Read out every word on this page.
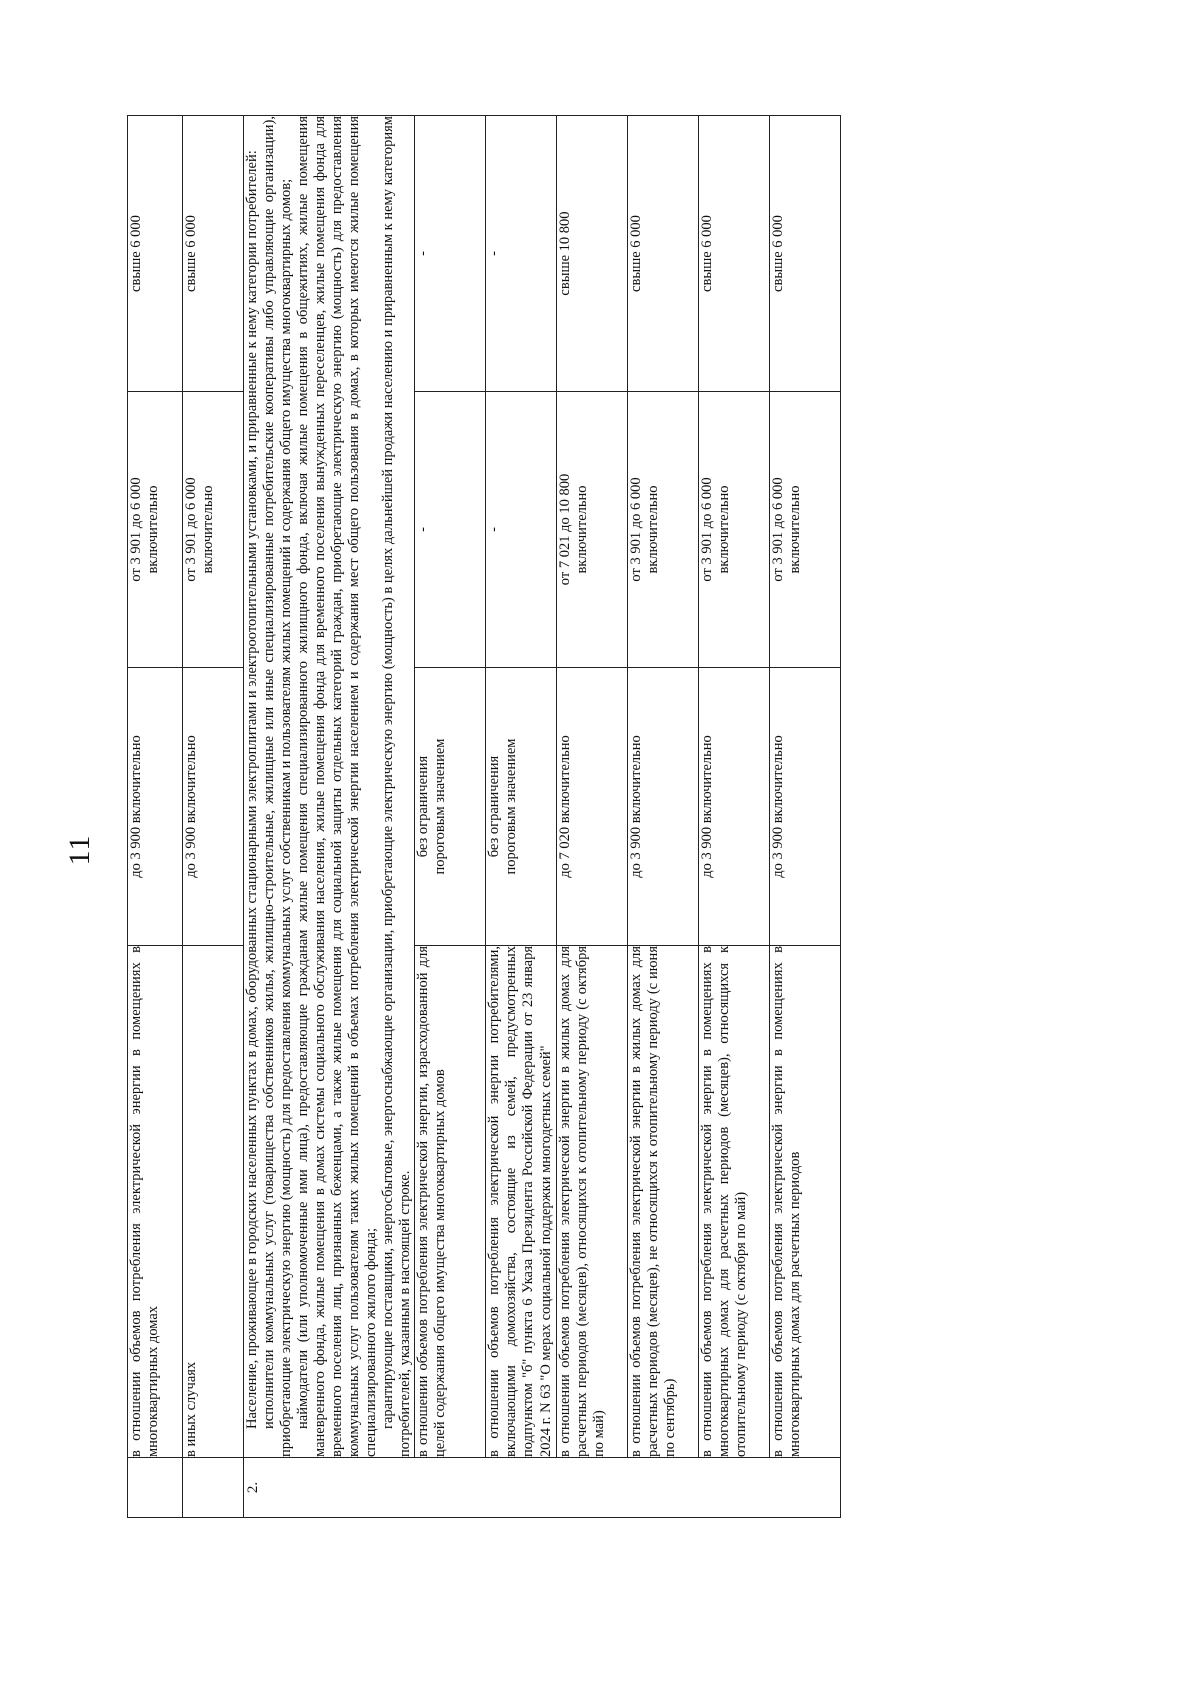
11
	в отношении объемов потребления электрической энергии в помещениях в многоквартирных домах	до 3 900 включительно	от 3 901 до 6 000 включительно	свыше 6 000
	в иных случаях	до 3 900 включительно	от 3 901 до 6 000 включительно	свыше 6 000
2.	Население, проживающее в городских населенных пунктах в домах, оборудованных стационарными электроплитами и электроотопительными установками, и приравненные к нему категории потребителей: исполнители коммунальных услуг (товарищества собственников жилья, жилищно-строительные, жилищные или иные специализированные потребительские кооперативы либо управляющие организации), приобретающие электрическую энергию (мощность) для предоставления коммунальных услуг собственникам и пользователям жилых помещений и содержания общего имущества многоквартирных домов; наймодатели (или уполномоченные ими лица), предоставляющие гражданам жилые помещения специализированного жилищного фонда, включая жилые помещения в общежитиях, жилые помещения маневренного фонда, жилые помещения в домах системы социального обслуживания населения, жилые помещения фонда для временного поселения вынужденных переселенцев, жилые помещения фонда для временного поселения лиц, признанных беженцами, а также жилые помещения для социальной защиты отдельных категорий граждан, приобретающие электрическую энергию (мощность) для предоставления коммунальных услуг пользователям таких жилых помещений в объемах потребления электрической энергии населением и содержания мест общего пользования в домах, в которых имеются жилые помещения специализированного жилого фонда; гарантирующие поставщики, энергосбытовые, энергоснабжающие организации, приобретающие электрическую энергию (мощность) в целях дальнейшей продажи населению и приравненным к нему категориям потребителей, указанным в настоящей строке.			

	в отношении объемов потребления электрической энергии, израсходованной для целей содержания общего имущества многоквартирных домов	без ограничения пороговым значением	-	-
	в отношении объемов потребления электрической энергии потребителями, включающими домохозяйства, состоящие из семей, предусмотренных подпунктом "б" пункта 6 Указа Президента Российской Федерации от 23 января 2024 г. N 63 "О мерах социальной поддержки многодетных семей"	без ограничения пороговым значением	-	-
	в отношении объемов потребления электрической энергии в жилых домах для расчетных периодов (месяцев), относящихся к отопительному периоду (с октября по май)	до 7 020 включительно	от 7 021 до 10 800 включительно	свыше 10 800
	в отношении объемов потребления электрической энергии в жилых домах для расчетных периодов (месяцев), не относящихся к отопительному периоду (с июня по сентябрь)	до 3 900 включительно	от 3 901 до 6 000 включительно	свыше 6 000
	в отношении объемов потребления электрической энергии в помещениях в многоквартирных домах для расчетных периодов (месяцев), относящихся к отопительному периоду (с октября по май)	до 3 900 включительно	от 3 901 до 6 000 включительно	свыше 6 000
	в отношении объемов потребления электрической энергии в помещениях в многоквартирных домах для расчетных периодов	до 3 900 включительно	от 3 901 до 6 000 включительно	свыше 6 000
